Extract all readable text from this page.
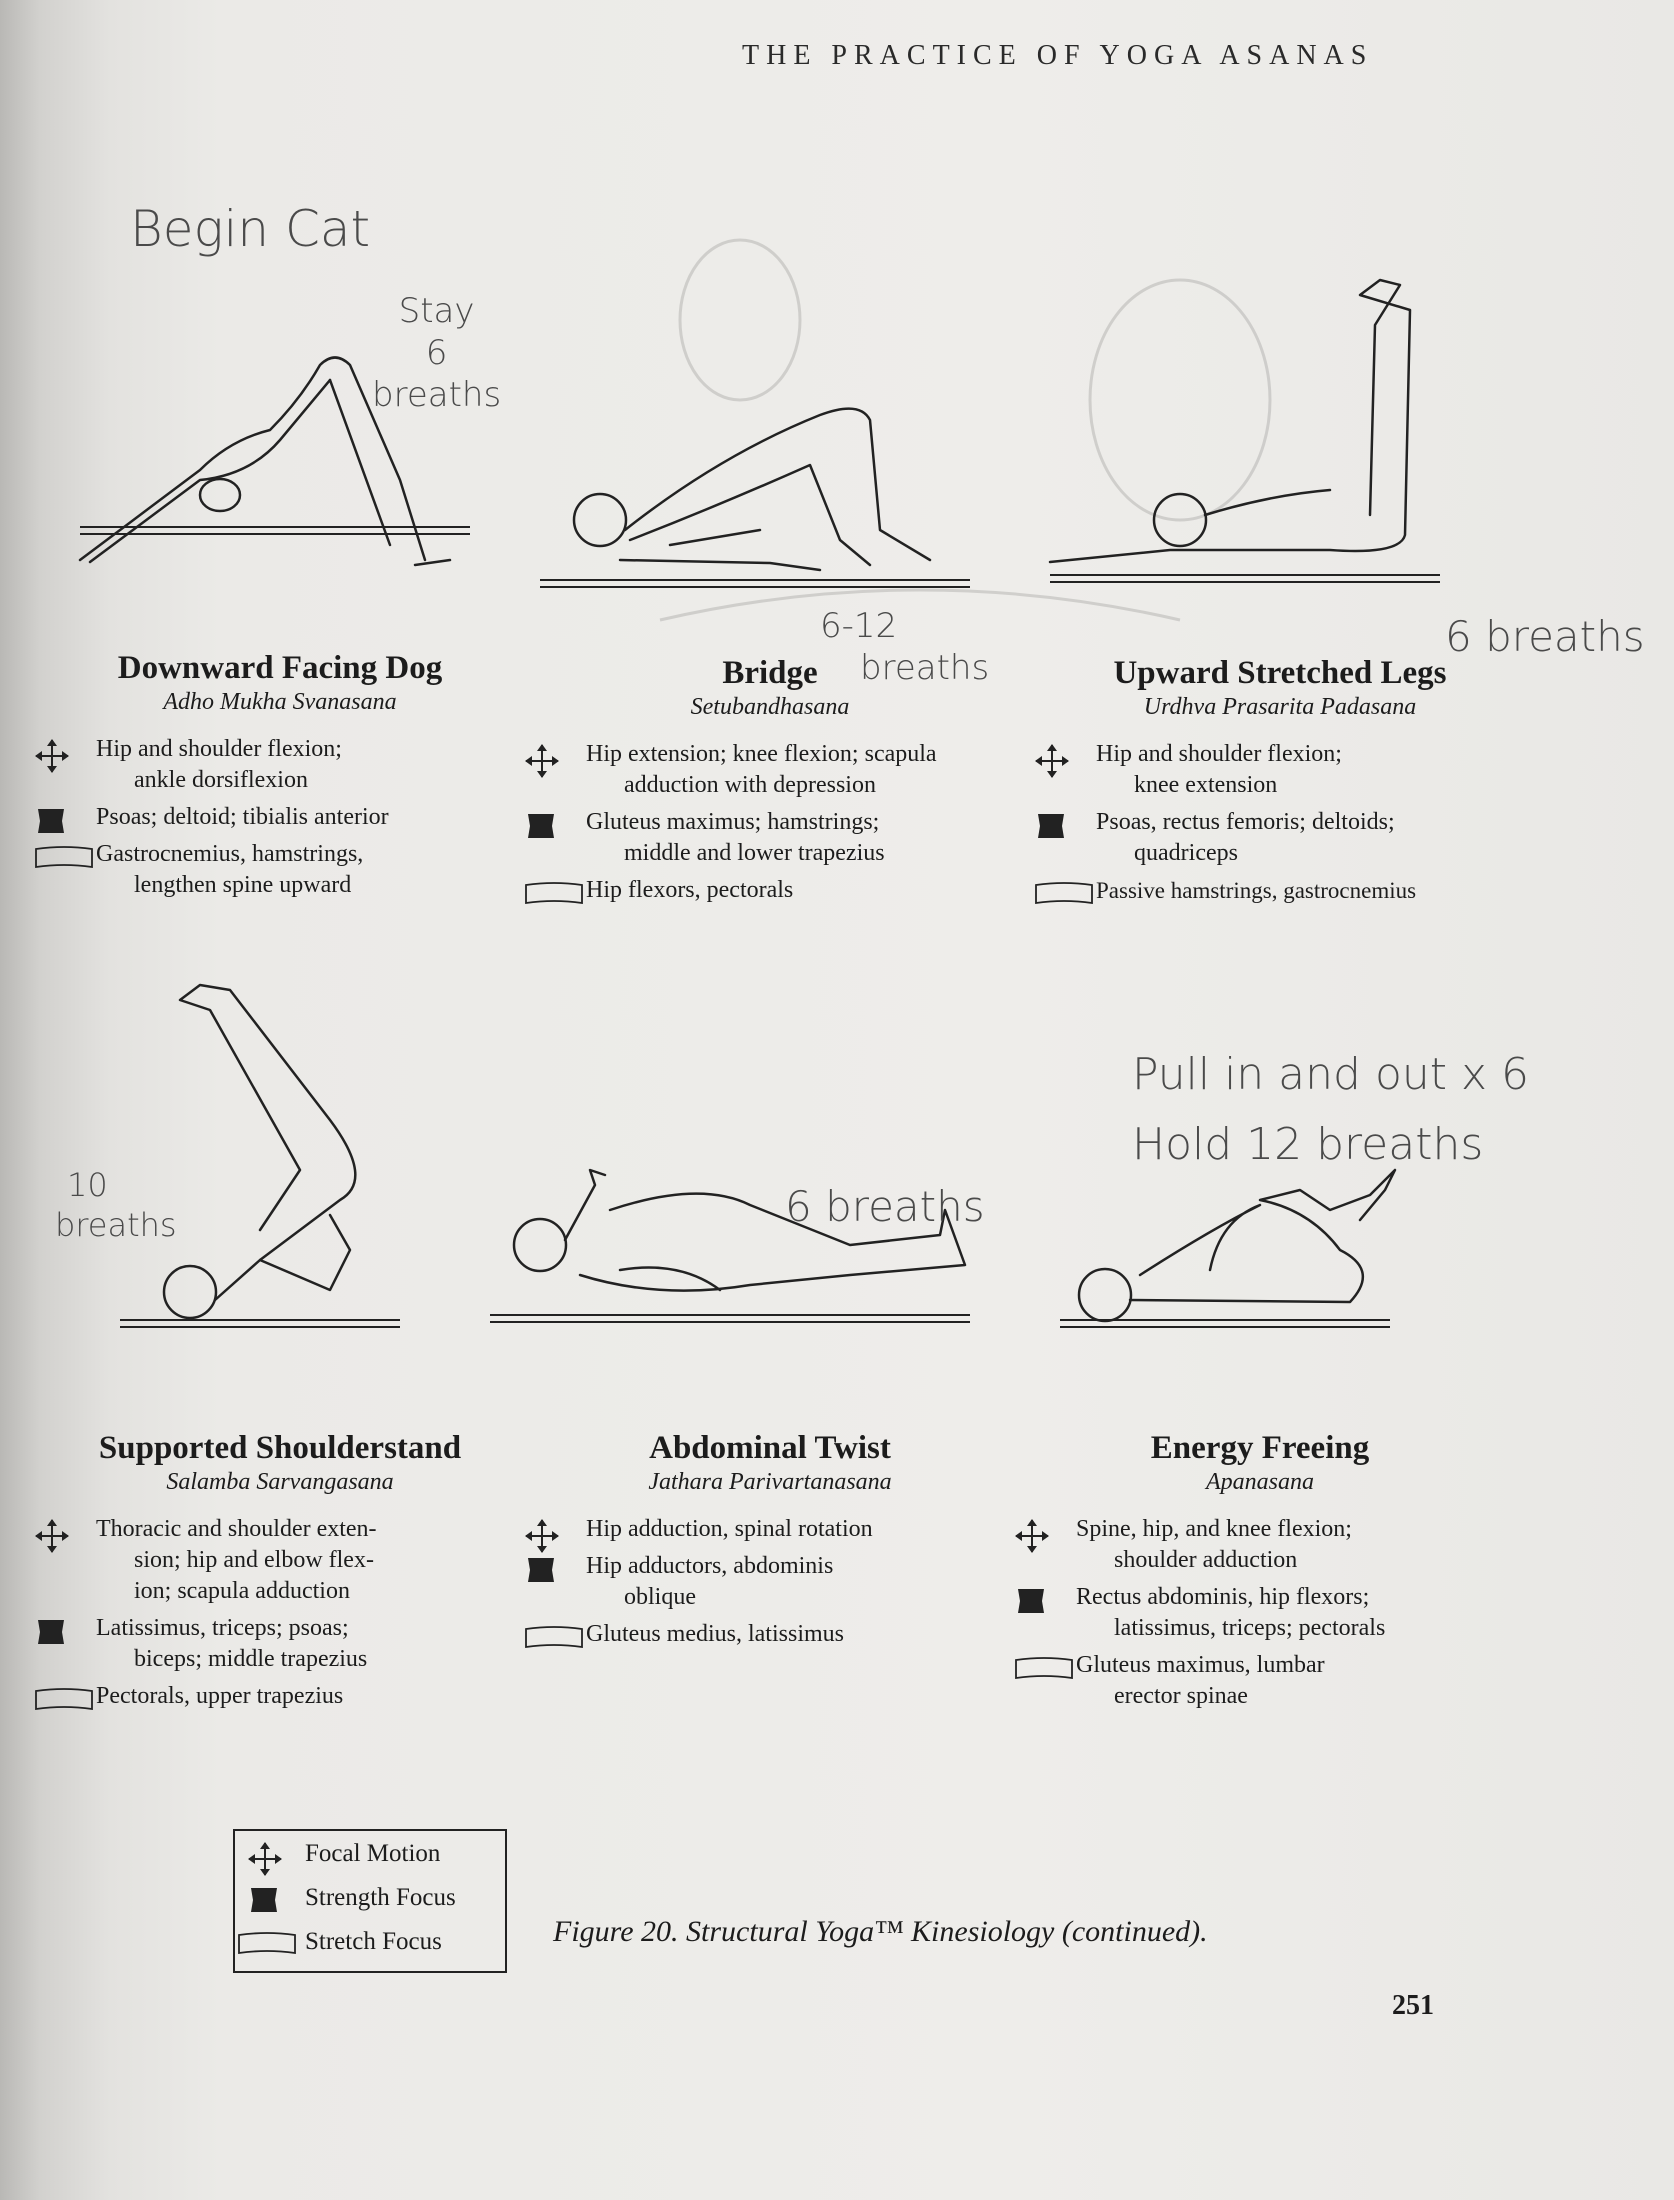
THE PRACTICE OF YOGA ASANAS
Downward Facing Dog
Adho Mukha Svanasana
Hip and shoulder flexion;
ankle dorsiflexion
Psoas; deltoid; tibialis anterior
Gastrocnemius, hamstrings,
lengthen spine upward
Bridge
Setubandhasana
Hip extension; knee flexion; scapula
adduction with depression
Gluteus maximus; hamstrings;
middle and lower trapezius
Hip flexors, pectorals
Upward Stretched Legs
Urdhva Prasarita Padasana
Hip and shoulder flexion;
knee extension
Psoas, rectus femoris; deltoids;
quadriceps
Passive hamstrings, gastrocnemius
Supported Shoulderstand
Salamba Sarvangasana
Thoracic and shoulder exten-
sion; hip and elbow flex-
ion; scapula adduction
Latissimus, triceps; psoas;
biceps; middle trapezius
Pectorals, upper trapezius
Abdominal Twist
Jathara Parivartanasana
Hip adduction, spinal rotation
Hip adductors, abdominis
oblique
Gluteus medius, latissimus
Energy Freeing
Apanasana
Spine, hip, and knee flexion;
shoulder adduction
Rectus abdominis, hip flexors;
latissimus, triceps; pectorals
Gluteus maximus, lumbar
erector spinae
Begin Cat
Stay
6
breaths
6-12
breaths
6 breaths
10
breaths	6 breaths
Pull in and out x 6
Hold 12 breaths
Focal Motion
Strength Focus
Stretch Focus	Figure 20. Structural Yoga™ Kinesiology (continued).
251
